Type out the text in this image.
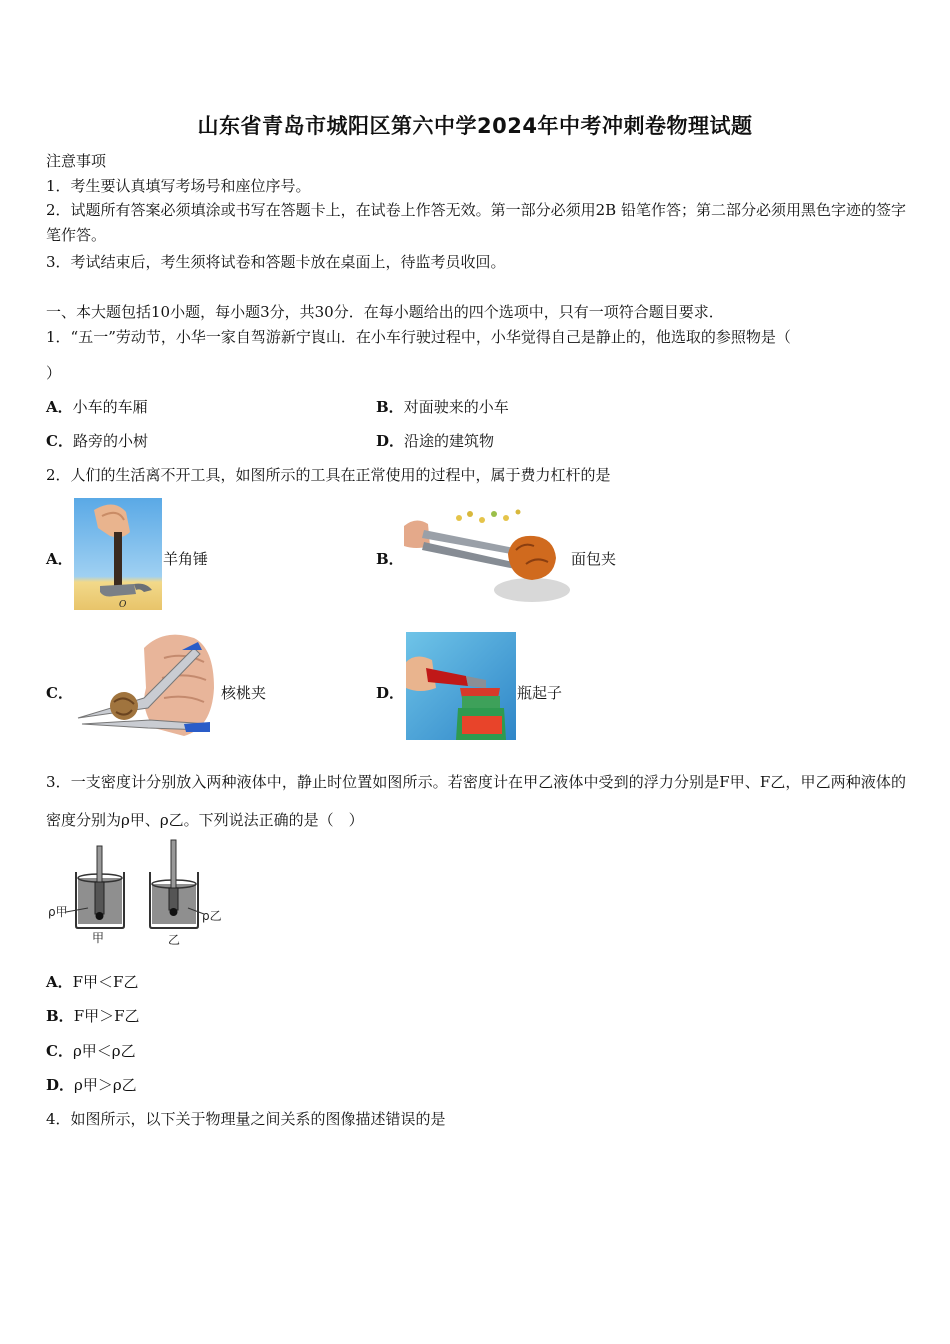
山东省青岛市城阳区第六中学2024年中考冲刺卷物理试题
注意事项
1．考生要认真填写考场号和座位序号。
2．试题所有答案必须填涂或书写在答题卡上，在试卷上作答无效。第一部分必须用2B 铅笔作答；第二部分必须用黑色字迹的签字笔作答。
3．考试结束后，考生须将试卷和答题卡放在桌面上，待监考员收回。
一、本大题包括10小题，每小题3分，共30分．在每小题给出的四个选项中，只有一项符合题目要求．
1．“五一”劳动节，小华一家自驾游新宁崀山．在小车行驶过程中，小华觉得自己是静止的，他选取的参照物是（
）
A．小车的车厢	B．对面驶来的小车
C．路旁的小树	D．沿途的建筑物
2．人们的生活离不开工具，如图所示的工具在正常使用的过程中，属于费力杠杆的是
A．
O
羊角锤	B．	面包夹
C．	核桃夹	D．	瓶起子
3．一支密度计分别放入两种液体中，静止时位置如图所示。若密度计在甲乙液体中受到的浮力分别是F甲、F乙，甲乙两种液体的密度分别为ρ甲、ρ乙。下列说法正确的是（　）
ρ甲	ρ乙
甲	乙
A．F甲＜F乙
B．F甲＞F乙
C．ρ甲＜ρ乙
D．ρ甲＞ρ乙
4．如图所示，以下关于物理量之间关系的图像描述错误的是
